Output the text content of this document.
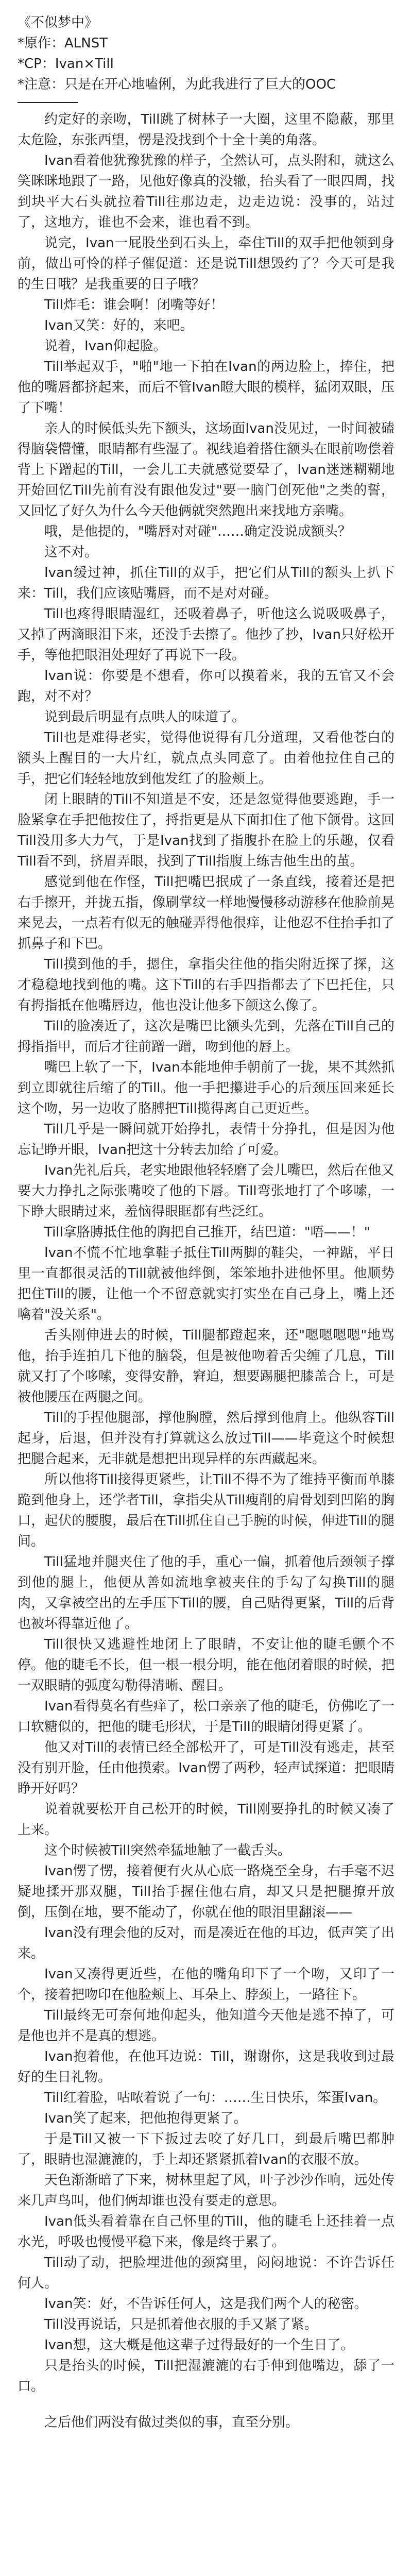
《不似梦中》

*原作：ALNST

*CP：Ivan×Till

*注意：只是在开心地嗑俐，为此我进行了巨大的OOC

约定好的亲吻，Till跳了树林子一大圈，这里不隐蔽，那里太危险，东张西望，愣是没找到个十全十美的角落。

Ivan看着他犹豫犹豫的样子，全然认可，点头附和，就这么笑眯眯地跟了一路，见他好像真的没辙，抬头看了一眼四周，找到块平大石头就拉着Till往那边走，边走边说：没事的，站过了，这地方，谁也不会来，谁也看不到。

说完，Ivan一屁股坐到石头上，牵住Till的双手把他领到身前，做出可怜的样子催促道：还是说Till想毁约了？今天可是我的生日哦？是我重要的日子哦？

Till炸毛：谁会啊！闭嘴等好！

Ivan又笑：好的，来吧。

说着，Ivan仰起脸。

Till举起双手，"啪"地一下拍在Ivan的两边脸上，捧住，把他的嘴唇都挤起来，而后不管Ivan瞪大眼的模样，猛闭双眼，压了下嘴！

亲人的时候低头先下额头，这场面Ivan没见过，一时间被磕得脑袋懵懂，眼睛都有些湿了。视线追着搭住额头在眼前吻偿着背上下蹭起的Till，一会儿工夫就感觉要晕了，Ivan迷迷糊糊地开始回忆Till先前有没有跟他发过"要一脑门创死他"之类的誓，又回忆了好久为什么今天他俩就突然跑出来找地方亲嘴。

哦，是他提的，"嘴唇对对碰"……确定没说成额头？

这不对。

Ivan缓过神，抓住Till的双手，把它们从Till的额头上扒下来：Till，我们应该贴嘴唇，而不是对对碰。

Till也疼得眼睛湿红，还吸着鼻子，听他这么说吸吸鼻子，又掉了两滴眼泪下来，还没手去擦了。他抄了抄，Ivan只好松开手，等他把眼泪处理好了再说下一段。

Ivan说：你要是不想看，你可以摸着来，我的五官又不会跑，对不对？

说到最后明显有点哄人的味道了。

Till也是难得老实，觉得他说得有几分道理，又看他苍白的额头上醒目的一大片红，就点点头同意了。由着他拉住自己的手，把它们轻轻地放到他发红了的脸颊上。

闭上眼睛的Till不知道是不安，还是忽觉得他要逃跑，手一脸紧拿在手把他按住了，捋指更是从下面扣住了他下颌骨。这回Till没用多大力气，于是Ivan找到了指腹扑在脸上的乐趣，仅看Till看不到，挤眉弄眼，找到了Till指腹上练吉他生出的茧。

感觉到他在作怪，Till把嘴巴抿成了一条直线，接着还是把右手擦开，并拢五指，像刷掌纹一样地慢慢移动游移在他脸前晃来晃去，一点若有似无的触碰弄得他很痒，让他忍不住抬手扣了抓鼻子和下巴。

Till摸到他的手，摁住，拿指尖往他的指尖附近探了探，这才稳稳地找到他的嘴。这下Till的右手四指都去了下巴托住，只有拇指抵在他嘴唇边，他也没让他多下颌这么像了。

Till的脸凑近了，这次是嘴巴比额头先到，先落在Till自己的拇指指甲，而后才往前蹭一蹭，吻到他的唇上。

嘴巴上软了一下，Ivan本能地伸手朝前了一拢，果不其然抓到立即就往后缩了的Till。他一手把攥进手心的后颈压回来延长这个吻，另一边收了胳膊把Till揽得离自己更近些。

Till几乎是一瞬间就开始挣扎，表情十分挣扎，但是因为他忘记睁开眼，Ivan把这十分转去加给了可爱。

Ivan先礼后兵，老实地跟他轻轻磨了会儿嘴巴，然后在他又要大力挣扎之际张嘴咬了他的下唇。Till弯张地打了个哆嗦，一下睁大眼睛过来，羞恼得眼眶都有些泛红。

Till拿胳膊抵住他的胸把自己推开，结巴道："唔——！"

Ivan不慌不忙地拿鞋子抵住Till两脚的鞋尖，一神踮，平日里一直都很灵活的Till就被他绊倒，笨笨地扑进他怀里。他顺势把住Till的腰，让他一个不留意就实打实坐在自己身上，嘴上还噙着"没关系"。

舌头刚伸进去的时候，Till腿都蹬起来，还"嗯嗯嗯嗯"地骂他，抬手连拍几下他的脑袋，但是被他吻着舌尖缠了几息，Till就又打了个哆嗦，变得安静，窘迫，想要踢腿把膝盖合上，可是被他腰压在两腿之间。

Till的手捏他腿部，撑他胸膛，然后撑到他肩上。他纵容Till起身，后退，但并没有打算就这么放过Till——毕竟这个时候想把腿合起来，无非就是想把出现异样的东西藏起来。

所以他将Till接得更紧些，让Till不得不为了维持平衡而单膝跪到他身上，还学者Till，拿指尖从Till瘦削的肩骨划到凹陷的胸口，起伏的腰腹，最后在Till抓住自己手腕的时候，伸进Till的腿间。

Till猛地并腿夹住了他的手，重心一偏，抓着他后颈领子撑到他的腿上，他便从善如流地拿被夹住的手勾了勾换Till的腿肉，又拿被空出的左手压下Till的腰，自己贴得更紧，Till的后背也被坏得靠近他了。

Till很快又逃避性地闭上了眼睛，不安让他的睫毛颤个不停。他的睫毛不长，但一根一根分明，能在他闭着眼的时候，把一双眼睛的弧度勾勒得清晰、醒目。

Ivan看得莫名有些痒了，松口亲亲了他的睫毛，仿佛吃了一口软糖似的，把他的睫毛形状，于是Till的眼睛闭得更紧了。

他又对Till的表情已经全部松开了，可是Till没有逃走，甚至没有别开脸，任由他摸索。Ivan愣了两秒，轻声试探道：把眼睛睁开好吗？

说着就要松开自己松开的时候，Till刚要挣扎的时候又凑了上来。

这个时候被Till突然牵猛地触了一截舌头。

Ivan愣了愣，接着便有火从心底一路烧至全身，右手毫不迟疑地揉开那双腿，Till抬手握住他右肩，却又只是把腿撩开放倒，压倒在地，要不能动了，你就在他的眼泪里翻滚——

Ivan没有理会他的反对，而是凑近在他的耳边，低声笑了出来。

Ivan又凑得更近些，在他的嘴角印下了一个吻，又印了一个，接着把吻印在他脸颊上、耳朵上、脖颈上，一路往下。

Till最终无可奈何地仰起头，他知道今天他是逃不掉了，可是他也并不是真的想逃。

Ivan抱着他，在他耳边说：Till，谢谢你，这是我收到过最好的生日礼物。

Till红着脸，咕哝着说了一句：……生日快乐，笨蛋Ivan。

Ivan笑了起来，把他抱得更紧了。

于是Till又被一下下扳过去咬了好几口，到最后嘴巴都肿了，眼睛也湿漉漉的，手上却还紧紧抓着Ivan的衣服不放。

天色渐渐暗了下来，树林里起了风，叶子沙沙作响，远处传来几声鸟叫，他们俩却谁也没有要走的意思。

Ivan低头看着靠在自己怀里的Till，他的睫毛上还挂着一点水光，呼吸也慢慢平稳下来，像是终于累了。

Till动了动，把脸埋进他的颈窝里，闷闷地说：不许告诉任何人。

Ivan笑：好，不告诉任何人，这是我们两个人的秘密。

Till没再说话，只是抓着他衣服的手又紧了紧。

Ivan想，这大概是他这辈子过得最好的一个生日了。

只是抬头的时候，Till把湿漉漉的右手伸到他嘴边，舔了一口。

之后他们两没有做过类似的事，直至分别。
